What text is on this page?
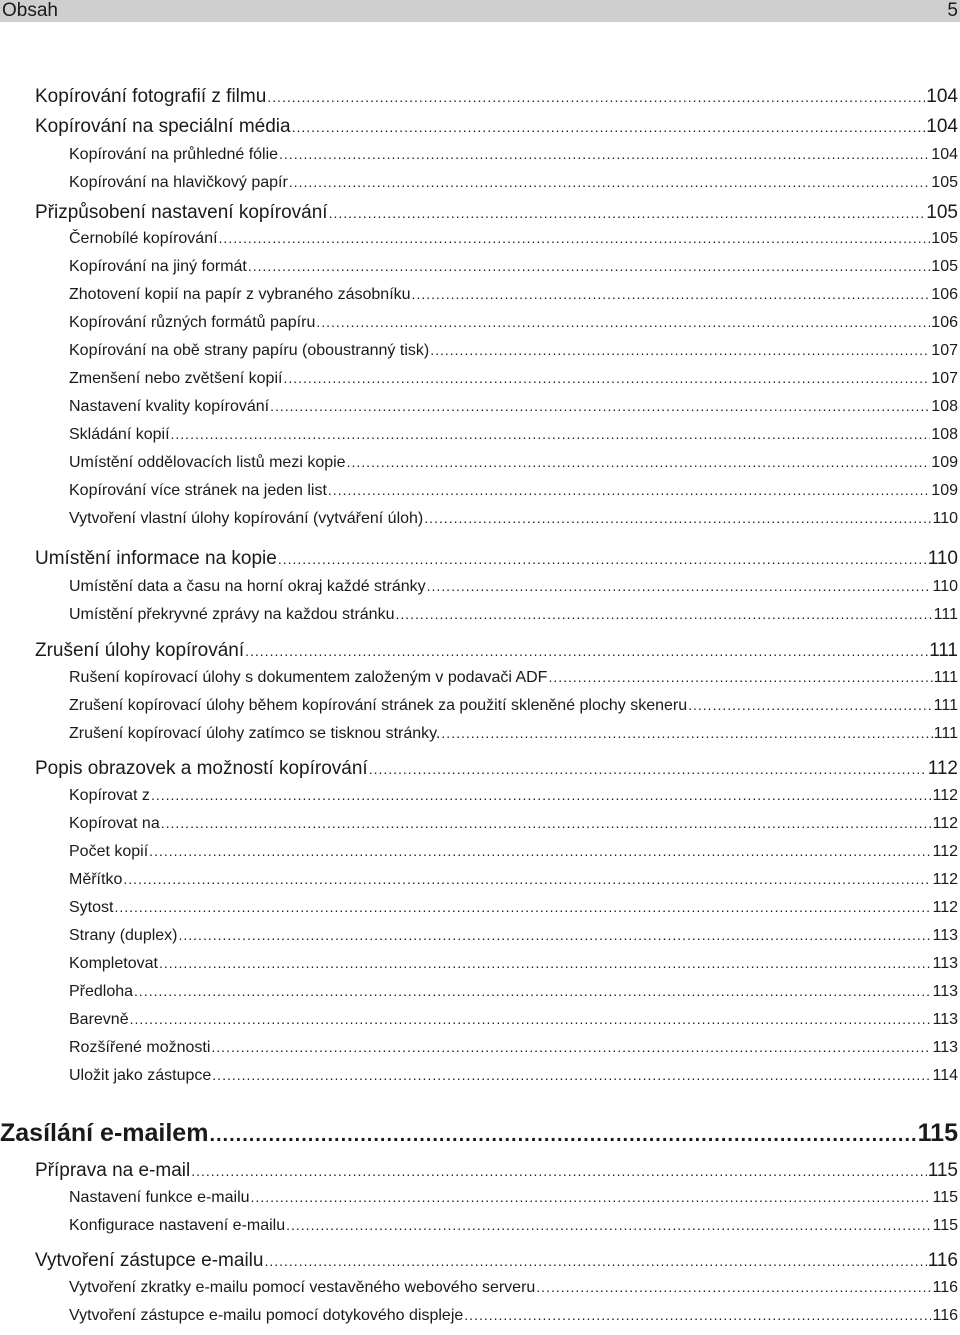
Obsah	5
Kopírování fotografií z filmu .....	104
Kopírování na speciální média .....	104
Kopírování na průhledné fólie .....	104
Kopírování na hlavičkový papír .....	105
Přizpůsobení nastavení kopírování .....	105
Černobílé kopírování .....	105
Kopírování na jiný formát .....	105
Zhotovení kopií na papír z vybraného zásobníku .....	106
Kopírování různých formátů papíru .....	106
Kopírování na obě strany papíru (oboustranný tisk) .....	107
Zmenšení nebo zvětšení kopií .....	107
Nastavení kvality kopírování .....	108
Skládání kopií .....	108
Umístění oddělovacích listů mezi kopie .....	109
Kopírování více stránek na jeden list .....	109
Vytvoření vlastní úlohy kopírování (vytváření úloh) .....	110
Umístění informace na kopie .....	110
Umístění data a času na horní okraj každé stránky .....	110
Umístění překryvné zprávy na každou stránku .....	111
Zrušení úlohy kopírování .....	111
Rušení kopírovací úlohy s dokumentem založeným v podavači ADF .....	111
Zrušení kopírovací úlohy během kopírování stránek za použití skleněné plochy skeneru .....	111
Zrušení kopírovací úlohy zatímco se tisknou stránky. .....	111
Popis obrazovek a možností kopírování .....	112
Kopírovat z .....	112
Kopírovat na .....	112
Počet kopií .....	112
Měřítko .....	112
Sytost .....	112
Strany (duplex) .....	113
Kompletovat .....	113
Předloha .....	113
Barevně .....	113
Rozšířené možnosti .....	113
Uložit jako zástupce .....	114
Zasílání e-mailem .....	115
Příprava na e-mail .....	115
Nastavení funkce e-mailu .....	115
Konfigurace nastavení e-mailu .....	115
Vytvoření zástupce e-mailu .....	116
Vytvoření zkratky e-mailu pomocí vestavěného webového serveru .....	116
Vytvoření zástupce e-mailu pomocí dotykového displeje .....	116
